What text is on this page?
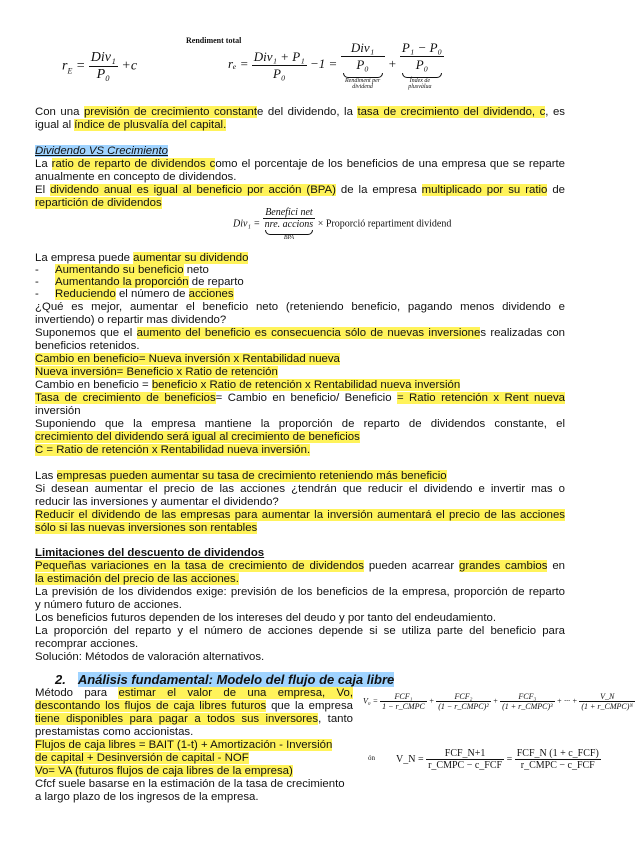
$r_E = \frac{\text{Div₁}}{\text{P₀}} +c$
Rendiment total
$r_e = \frac{\text{Div₁ + P₁}}{\text{P₀}} -1$ =
Div₁
P₀
Rendiment per dividend
+
P₁ − P₀
P₀
Índex de plusvàlua
Con una previsión de crecimiento constante del dividendo, la tasa de crecimiento del dividendo, c, es
igual al índice de plusvalía del capital.
Dividendo VS Crecimiento
La ratio de reparto de dividendos como el porcentaje de los beneficios de una empresa que se reparte
anualmente en concepto de dividendos.
El dividendo anual es igual al beneficio por acción (BPA) de la empresa multiplicado por su ratio de
repartición de dividendos
Div₁ =
Benefici net
nre. accions
BPA
× Proporció repartiment dividend
La empresa puede aumentar su dividendo
- Aumentando su beneficio neto
- Aumentando la proporción de reparto
- Reduciendo el número de acciones
¿Qué es mejor, aumentar el beneficio neto (reteniendo beneficio, pagando menos dividendo e
invertiendo) o repartir mas dividendo?
Suponemos que el aumento del beneficio es consecuencia sólo de nuevas inversiones realizadas con
beneficios retenidos.
Cambio en beneficio= Nueva inversión x Rentabilidad nueva
Nueva inversión= Beneficio x Ratio de retención
Cambio en beneficio = beneficio x Ratio de retención x Rentabilidad nueva inversión
Tasa de crecimiento de beneficios= Cambio en beneficio/ Beneficio = Ratio retención x Rent nueva
inversión
Suponiendo que la empresa mantiene la proporción de reparto de dividendos constante, el
crecimiento del dividendo será igual al crecimiento de beneficios
C = Ratio de retención x Rentabilidad nueva inversión.
Las empresas pueden aumentar su tasa de crecimiento reteniendo más beneficio
Si desean aumentar el precio de las acciones ¿tendrán que reducir el dividendo e invertir mas o
reducir las inversiones y aumentar el dividendo?
Reducir el dividendo de las empresas para aumentar la inversión aumentará el precio de las acciones
sólo si las nuevas inversiones son rentables
Limitaciones del descuento de dividendos
Pequeñas variaciones en la tasa de crecimiento de dividendos pueden acarrear grandes cambios en
la estimación del precio de las acciones.
La previsión de los dividendos exige: previsión de los beneficios de la empresa, proporción de reparto
y número futuro de acciones.
Los beneficios futuros dependen de los intereses del deudo y por tanto del endeudamiento.
La proporción del reparto y el número de acciones depende si se utiliza parte del beneficio para
recomprar acciones.
Solución: Métodos de valoración alternativos.
2. Análisis fundamental: Modelo del flujo de caja libre
Método para estimar el valor de una empresa, Vo,
descontando los flujos de caja libres futuros que la empresa
tiene disponibles para pagar a todos sus inversores, tanto
prestamistas como accionistas.
Flujos de caja libres = BAIT (1-t) + Amortización - Inversión
de capital + Desinversión de capital - NOF
Vo= VA (futuros flujos de caja libres de la empresa)
Cfcf suele basarse en la estimación de la tasa de crecimiento
a largo plazo de los ingresos de la empresa.
$V_0 = \frac{\text{FCF₁}}{\text{1 − r\_CMPC}} + \frac{\text{FCF₂}}{\text{(1 − r\_CMPC)²}} + \frac{\text{FCF₃}}{\text{(1 + r\_CMPC)³}}$ + ··· + $\frac{V\_N}{\text{(1 + r\_CMPC)ᴺ}}$
ón V_N = $\frac{\text{FCF\_N+1}}{\text{r\_CMPC − c\_FCF}} = \frac{\text{FCF\_N (1 + c\_FCF)}}{\text{r\_CMPC − c\_FCF}}$
